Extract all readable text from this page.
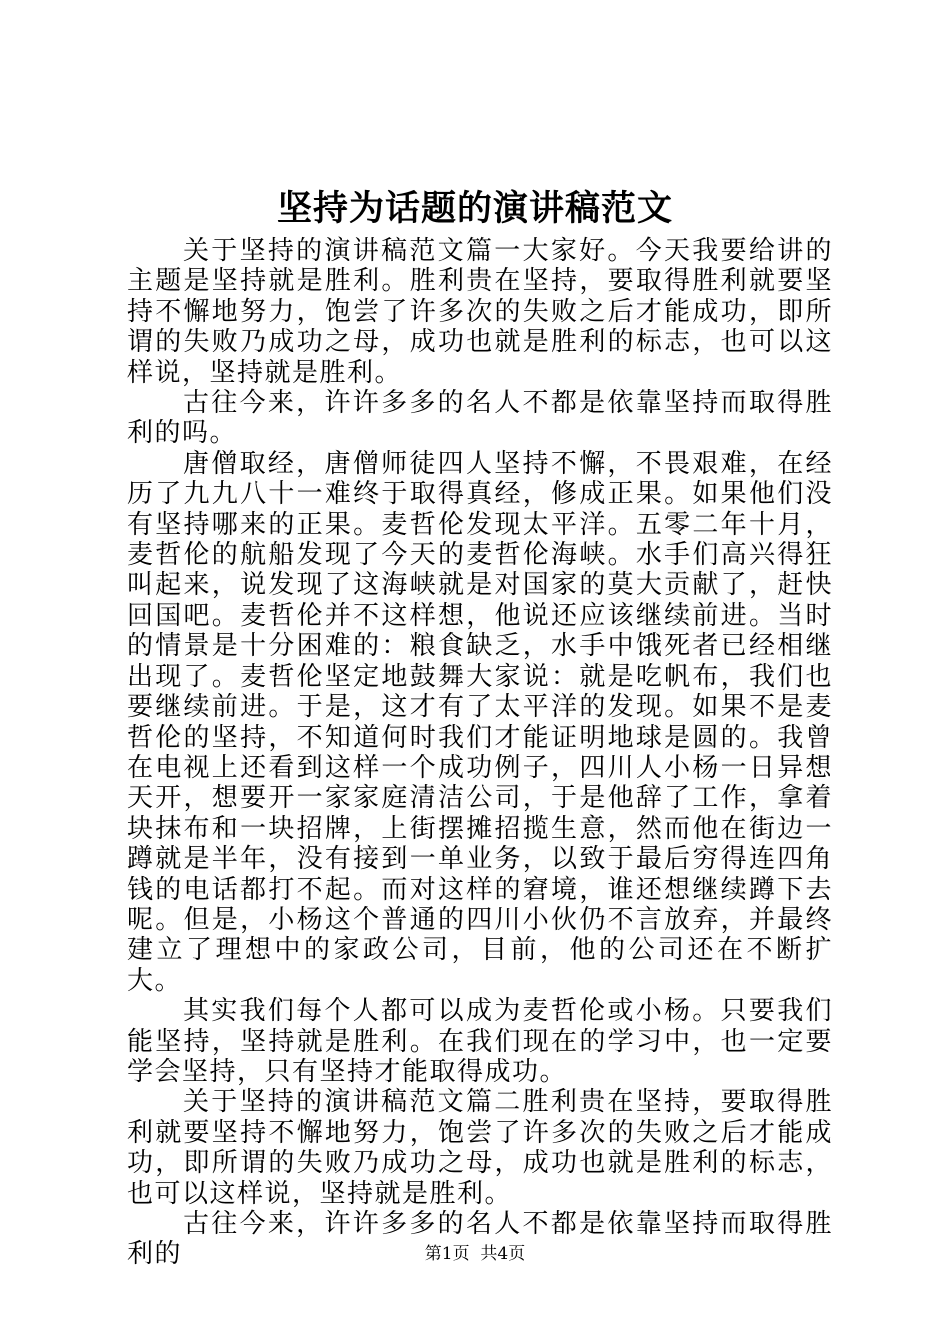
坚持为话题的演讲稿范文

关于坚持的演讲稿范文篇一大家好。今天我要给讲的主题是坚持就是胜利。胜利贵在坚持，要取得胜利就要坚持不懈地努力，饱尝了许多次的失败之后才能成功，即所谓的失败乃成功之母，成功也就是胜利的标志，也可以这样说，坚持就是胜利。

古往今来，许许多多的名人不都是依靠坚持而取得胜利的吗。

唐僧取经，唐僧师徒四人坚持不懈，不畏艰难，在经历了九九八十一难终于取得真经，修成正果。如果他们没有坚持哪来的正果。麦哲伦发现太平洋。五零二年十月，麦哲伦的航船发现了今天的麦哲伦海峡。水手们高兴得狂叫起来，说发现了这海峡就是对国家的莫大贡献了，赶快回国吧。麦哲伦并不这样想，他说还应该继续前进。当时的情景是十分困难的：粮食缺乏，水手中饿死者已经相继出现了。麦哲伦坚定地鼓舞大家说：就是吃帆布，我们也要继续前进。于是，这才有了太平洋的发现。如果不是麦哲伦的坚持，不知道何时我们才能证明地球是圆的。我曾在电视上还看到这样一个成功例子，四川人小杨一日异想天开，想要开一家家庭清洁公司，于是他辞了工作，拿着块抹布和一块招牌，上街摆摊招揽生意，然而他在街边一蹲就是半年，没有接到一单业务，以致于最后穷得连四角钱的电话都打不起。而对这样的窘境，谁还想继续蹲下去呢。但是，小杨这个普通的四川小伙仍不言放弃，并最终建立了理想中的家政公司，目前，他的公司还在不断扩大。

其实我们每个人都可以成为麦哲伦或小杨。只要我们能坚持，坚持就是胜利。在我们现在的学习中，也一定要学会坚持，只有坚持才能取得成功。

关于坚持的演讲稿范文篇二胜利贵在坚持，要取得胜利就要坚持不懈地努力，饱尝了许多次的失败之后才能成功，即所谓的失败乃成功之母，成功也就是胜利的标志，也可以这样说，坚持就是胜利。

古往今来，许许多多的名人不都是依靠坚持而取得胜利的	第1页 共4页
